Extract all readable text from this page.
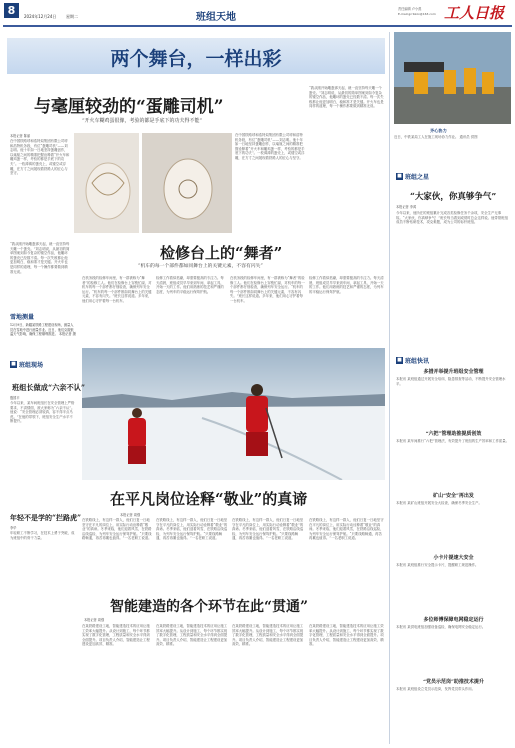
8	2024年12月24日 星期二	班组天地
责任编辑 卢小燕
E-mail:grrbkzx@163.com 工人日报
两个舞台，一样出彩
与毫厘较劲的“蛋雕司机”
“开火车糊鸡蛋很像，考验的都是手底下的功夫得不能”
本报记者 陈丽
在中国铁路呼和浩特局集团有限公司呼和浩特机务段，有位“蛋雕司机”——刘志明。他十年如一日地坚持蛋雕创作，以毫厘之间的精准把握诠释着“开火车和雕鸡蛋一样，考验的都是手底下的功夫”。一枚薄薄的蛋壳上，或镂空或浮雕，在方寸之间展现着铁路人的匠心与坚守。
“我从刚开始雕蛋那天起，就一直坚持每天雕一个蛋壳。”刘志明说，从最初的简单图案到如今复杂的镂空作品，他雕坏的蛋壳已经数不清。每一次失败都让他更加明白，稳和准才是关键。开火车也是同样的道理，每一个操作都要做到精准无误。
在中国铁路呼和浩特局集团有限公司呼和浩特机务段，有位“蛋雕司机”——刘志明。他十年如一日地坚持蛋雕创作，以毫厘之间的精准把握诠释着“开火车和雕鸡蛋一样，考验的都是手底下的功夫”。一枚薄薄的蛋壳上，或镂空或浮雕，在方寸之间展现着铁路人的匠心与坚守。
“我从刚开始雕蛋那天起，就一直坚持每天雕一个蛋壳。”刘志明说，从最初的简单图案到如今复杂的镂空作品，他雕坏的蛋壳已经数不清。每一次失败都让他更加明白，稳和准才是关键。开火车也是同样的道理，每一个操作都要做到精准无误。
检修台上的“舞者”
“机车的每一个部件都如同舞台上的关键元素，不容有闪失”
在机务段的检修车间里，有一群被称为“舞者”的检修工人。他们在检修台上穿梭忙碌，对机车的每一个部件都仔细检查，确保列车安全运行。“机车的每一个部件都如同舞台上的关键元素，不容有闪失。”班长这样说道。多年来，他们用心守护着每一台机车。
检修工作看似枯燥，却需要极高的专注力。每天清晨，班组成员早早来到车间，拿起工具，开始一天的工作。他们用熟练的技艺和严谨的态度，为列车的平稳运行保驾护航。
在机务段的检修车间里，有一群被称为“舞者”的检修工人。他们在检修台上穿梭忙碌，对机车的每一个部件都仔细检查，确保列车安全运行。“机车的每一个部件都如同舞台上的关键元素，不容有闪失。”班长这样说道。多年来，他们用心守护着每一台机车。
检修工作看似枯燥，却需要极高的专注力。每天清晨，班组成员早早来到车间，拿起工具，开始一天的工作。他们用熟练的技艺和严谨的态度，为列车的平稳运行保驾护航。
雪地测量
12月9日，新疆某铁路工程建设现场，测量人员在雪地中进行测量作业。近日，他们克服低温天气影响，确保工程顺利推进。 本报记者 摄
■ 班组现场
班组长做成“六亲不认”
殷国平
今年以来，某车间班组长在安全管理上严格要求，不讲情面，被大家称为“六亲不认”。他说：“安全管理必须较真，容不得半点马虎。”在他的带领下，班组安全生产水平不断提升。
年轻不是学的“拦路虎”
李华
年轻职工不断学习，在技术上勇于突破，成为班组中的骨干力量。
在平凡岗位诠释“敬业”的真谛
本报记者 周强
在铁路线上，有这样一群人，他们日复一日地坚守在平凡的岗位上，用实际行动诠释着“敬业”的真谛。冬季来临，他们迎着风雪，在铁路沿线巡检，为列车安全运行保驾护航。“只要线路畅通，再苦再累也值得。”一名老职工说道。
在铁路线上，有这样一群人，他们日复一日地坚守在平凡的岗位上，用实际行动诠释着“敬业”的真谛。冬季来临，他们迎着风雪，在铁路沿线巡检，为列车安全运行保驾护航。“只要线路畅通，再苦再累也值得。”一名老职工说道。
在铁路线上，有这样一群人，他们日复一日地坚守在平凡的岗位上，用实际行动诠释着“敬业”的真谛。冬季来临，他们迎着风雪，在铁路沿线巡检，为列车安全运行保驾护航。“只要线路畅通，再苦再累也值得。”一名老职工说道。
在铁路线上，有这样一群人，他们日复一日地坚守在平凡的岗位上，用实际行动诠释着“敬业”的真谛。冬季来临，他们迎着风雪，在铁路沿线巡检，为列车安全运行保驾护航。“只要线路畅通，再苦再累也值得。”一名老职工说道。
智能建造的各个环节在此“贯通”
本报记者 周强
在某铁路建设工地，智能建造技术的应用让施工效率大幅提升。从设计到施工，每个环节都实现了数字化管理，工程质量和安全水平得到全面提升。项目负责人介绍，智能建造让工程建设更加高效、精准。
在某铁路建设工地，智能建造技术的应用让施工效率大幅提升。从设计到施工，每个环节都实现了数字化管理，工程质量和安全水平得到全面提升。项目负责人介绍，智能建造让工程建设更加高效、精准。
在某铁路建设工地，智能建造技术的应用让施工效率大幅提升。从设计到施工，每个环节都实现了数字化管理，工程质量和安全水平得到全面提升。项目负责人介绍，智能建造让工程建设更加高效、精准。
在某铁路建设工地，智能建造技术的应用让施工效率大幅提升。从设计到施工，每个环节都实现了数字化管理，工程质量和安全水平得到全面提升。项目负责人介绍，智能建造让工程建设更加高效、精准。
齐心协力
近日，中铁某局工人在施工现场协力作业。 通讯员 供图
■ 班组之星
“大家伙，你真够争气”
本报记者 李鸿
今年以来，他所在的班组累计完成各类检修任务千余项，安全生产无事故。“大家伙，你真够争气！”班长每当看到成绩时总会这样说。他带领班组成员不断钻研技术，攻克难题，成为公司的标杆班组。
■ 班组快讯
多措并举提升班组安全管理
本报讯 某班组通过开展安全培训、隐患排查等活动，不断提升安全管理水平。
“六把”管理助推提质创效
本报讯 某车间推行“六把”管理法，有效提升了班组的生产效率和工作质量。
矿山“安全”再出发
本报讯 某矿山班组开展安全大检查，确保冬季安全生产。
小卡片提速大安全
本报讯 某班组推行安全提示卡片，提醒职工规范操作。
多位师傅保障电网稳定运行
本报讯 某供电班组加强设备巡检，确保电网安全稳定运行。
“党员示范岗”助推技术提升
本报讯 某班组设立党员示范岗，发挥党员带头作用。
